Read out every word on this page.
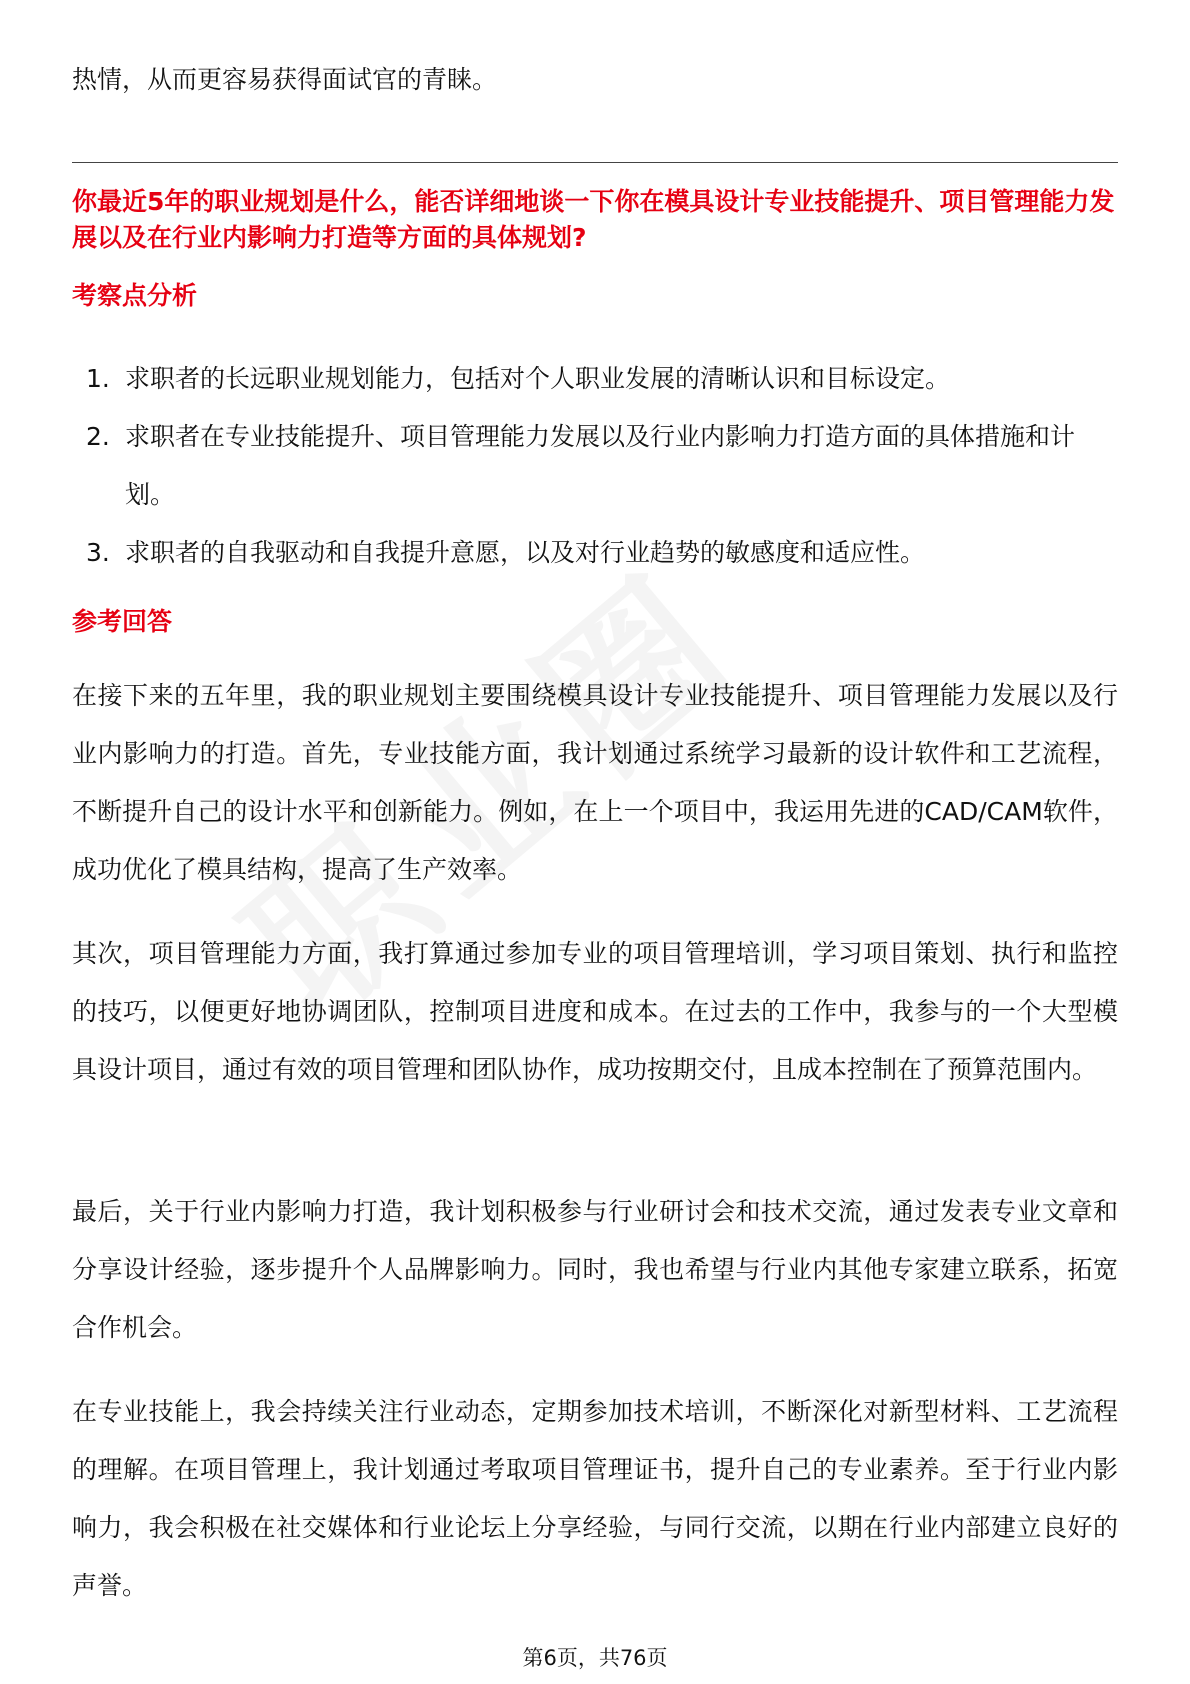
热情，从而更容易获得面试官的青睐。

你最近5年的职业规划是什么，能否详细地谈一下你在模具设计专业技能提升、项目管理能力发展以及在行业内影响力打造等方面的具体规划?
考察点分析
1. 求职者的长远职业规划能力，包括对个人职业发展的清晰认识和目标设定。
2. 求职者在专业技能提升、项目管理能力发展以及行业内影响力打造方面的具体措施和计划。
3. 求职者的自我驱动和自我提升意愿，以及对行业趋势的敏感度和适应性。
参考回答

在接下来的五年里，我的职业规划主要围绕模具设计专业技能提升、项目管理能力发展以及行业内影响力的打造。首先，专业技能方面，我计划通过系统学习最新的设计软件和工艺流程，不断提升自己的设计水平和创新能力。例如，在上一个项目中，我运用先进的CAD/CAM软件，成功优化了模具结构，提高了生产效率。

其次，项目管理能力方面，我打算通过参加专业的项目管理培训，学习项目策划、执行和监控的技巧，以便更好地协调团队，控制项目进度和成本。在过去的工作中，我参与的一个大型模具设计项目，通过有效的项目管理和团队协作，成功按期交付，且成本控制在了预算范围内。

最后，关于行业内影响力打造，我计划积极参与行业研讨会和技术交流，通过发表专业文章和分享设计经验，逐步提升个人品牌影响力。同时，我也希望与行业内其他专家建立联系，拓宽合作机会。

在专业技能上，我会持续关注行业动态，定期参加技术培训，不断深化对新型材料、工艺流程的理解。在项目管理上，我计划通过考取项目管理证书，提升自己的专业素养。至于行业内影响力，我会积极在社交媒体和行业论坛上分享经验，与同行交流，以期在行业内部建立良好的声誉。

第6页，共76页
